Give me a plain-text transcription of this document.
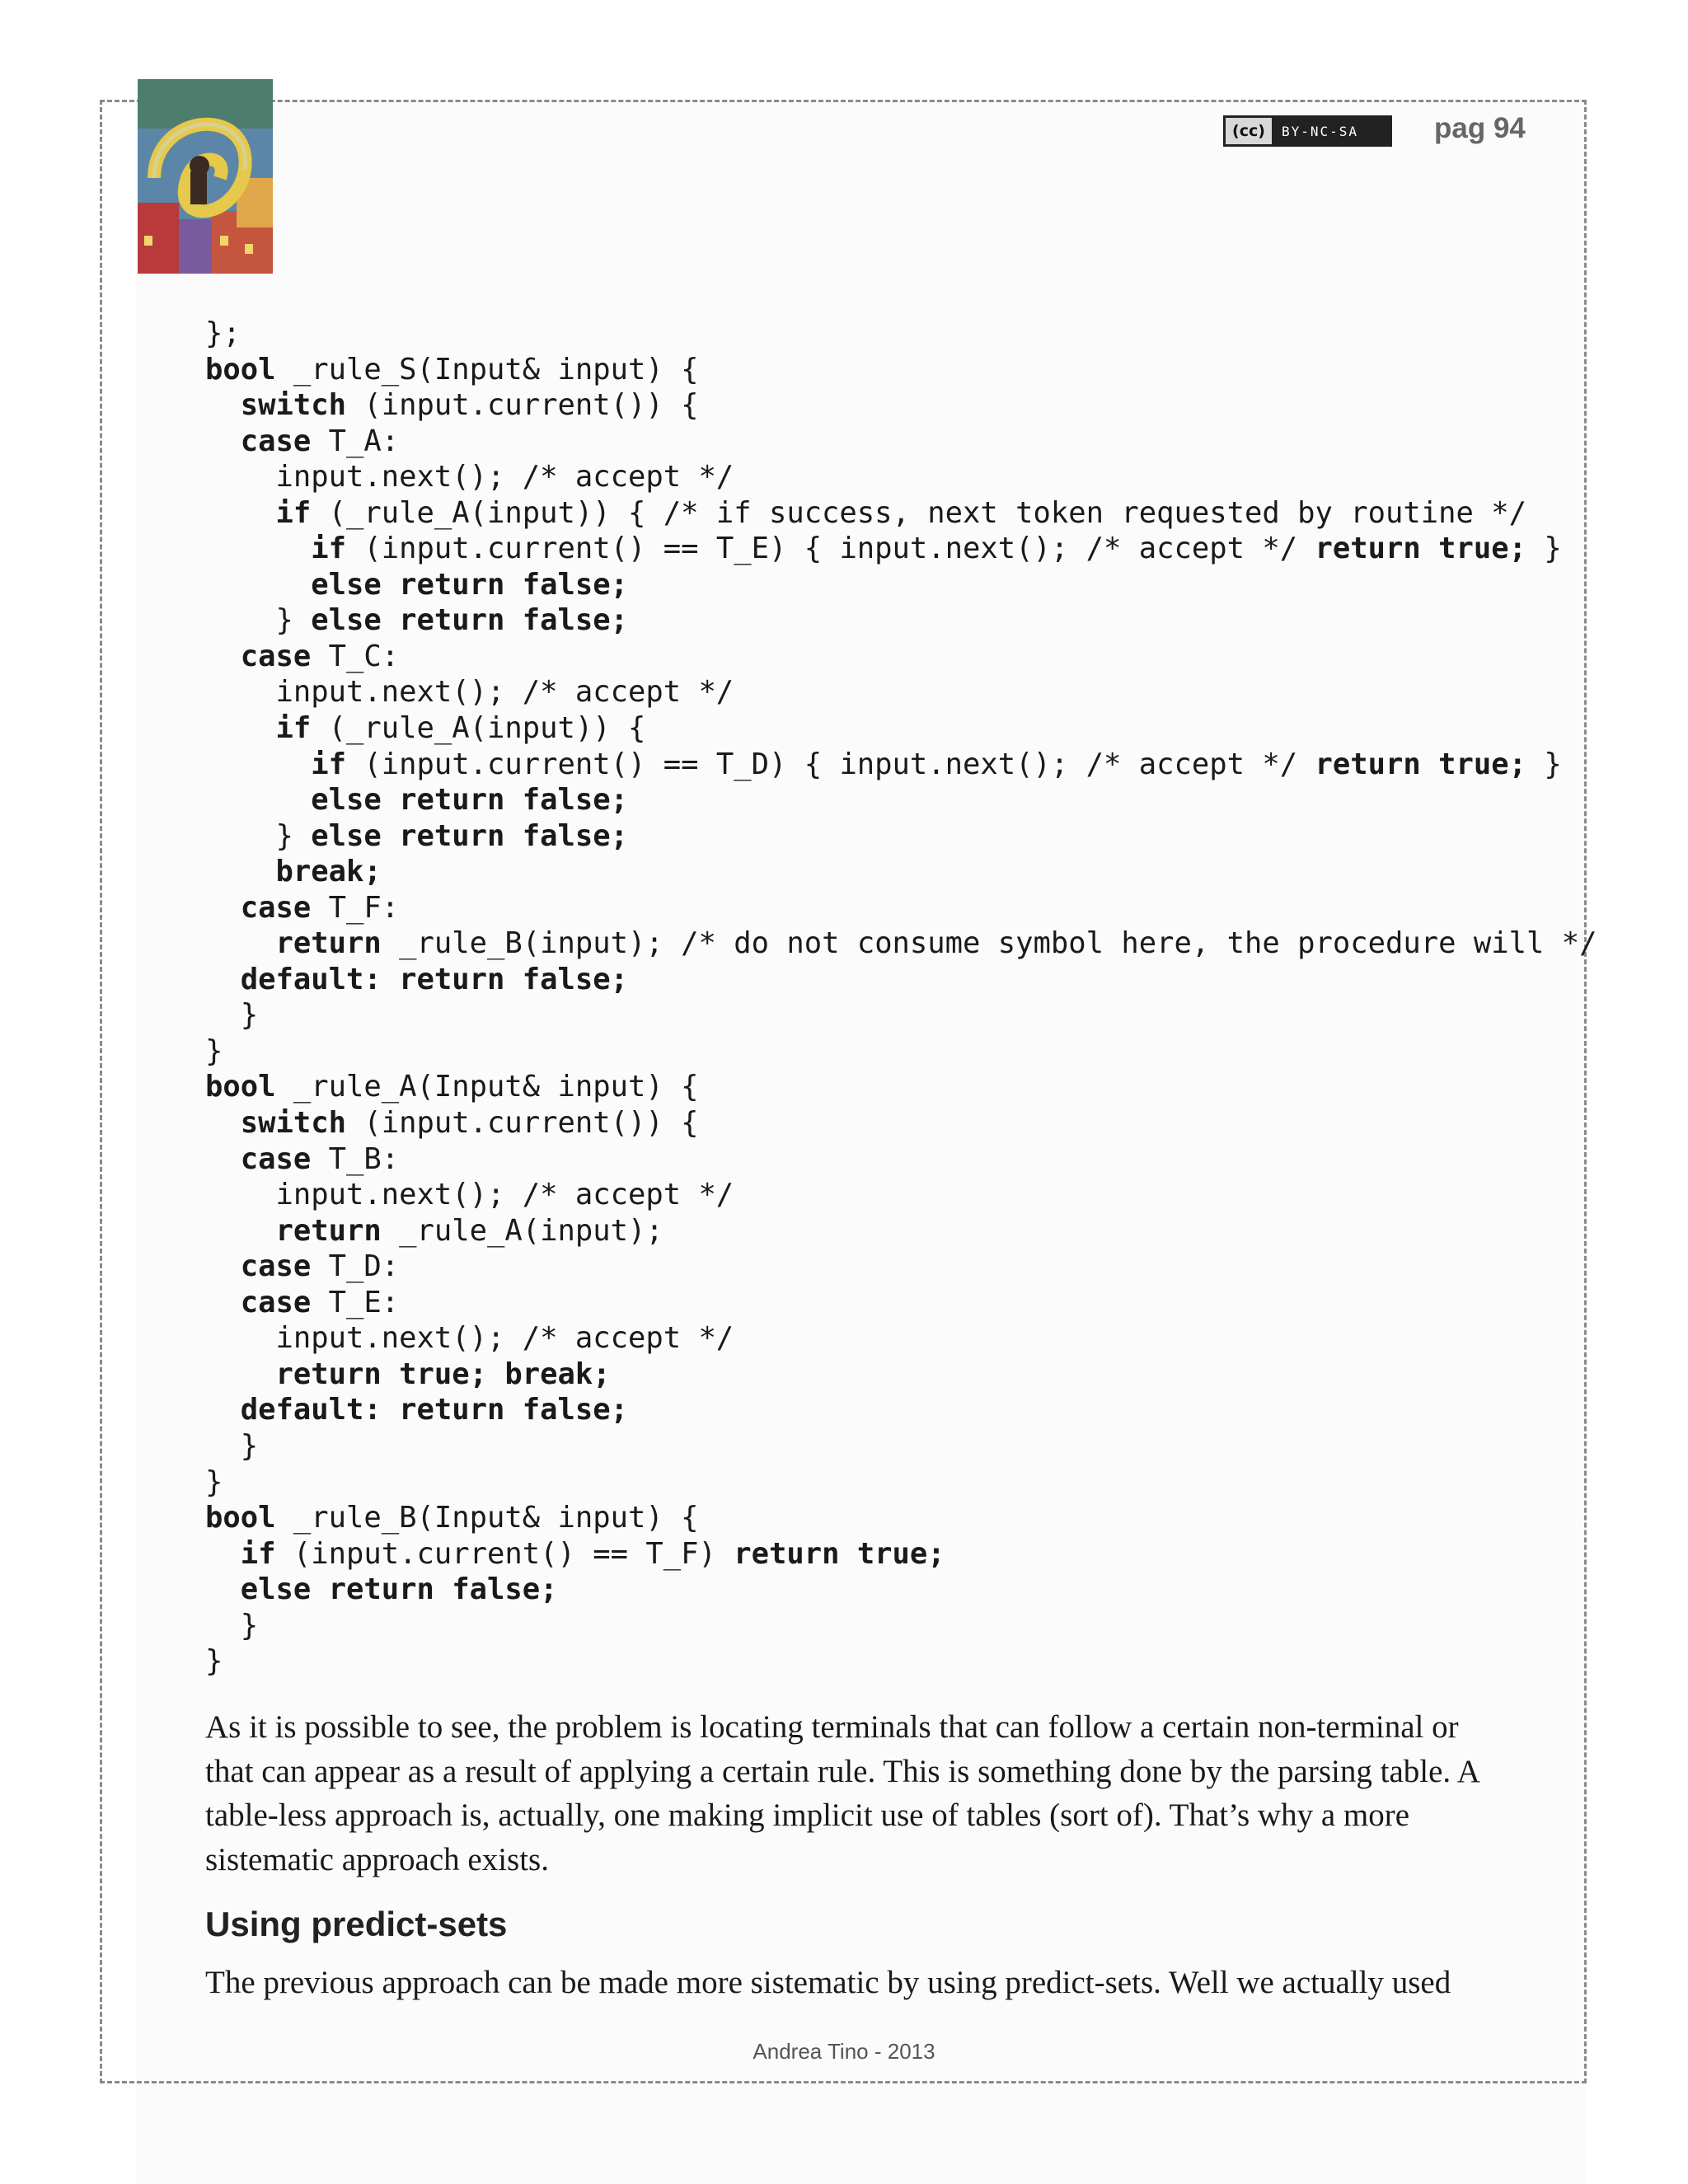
(cc)	BY-NC-SA	pag 94
};
bool _rule_S(Input& input) {
switch (input.current()) {
case T_A:
input.next(); /* accept */
if (_rule_A(input)) { /* if success, next token requested by routine */
if (input.current() == T_E) { input.next(); /* accept */ return true; }
else return false;
} else return false;
case T_C:
input.next(); /* accept */
if (_rule_A(input)) {
if (input.current() == T_D) { input.next(); /* accept */ return true; }
else return false;
} else return false;
break;
case T_F:
return _rule_B(input); /* do not consume symbol here, the procedure will */
default: return false;
}
}
bool _rule_A(Input& input) {
switch (input.current()) {
case T_B:
input.next(); /* accept */
return _rule_A(input);
case T_D:
case T_E:
input.next(); /* accept */
return true; break;
default: return false;
}
}
bool _rule_B(Input& input) {
if (input.current() == T_F) return true;
else return false;
}
}

As it is possible to see, the problem is locating terminals that can follow a certain non-terminal or that can appear as a result of applying a certain rule. This is something done by the parsing table. A table-less approach is, actually, one making implicit use of tables (sort of). That’s why a more sistematic approach exists.

Using predict-sets

The previous approach can be made more sistematic by using predict-sets. Well we actually used

Andrea Tino - 2013
